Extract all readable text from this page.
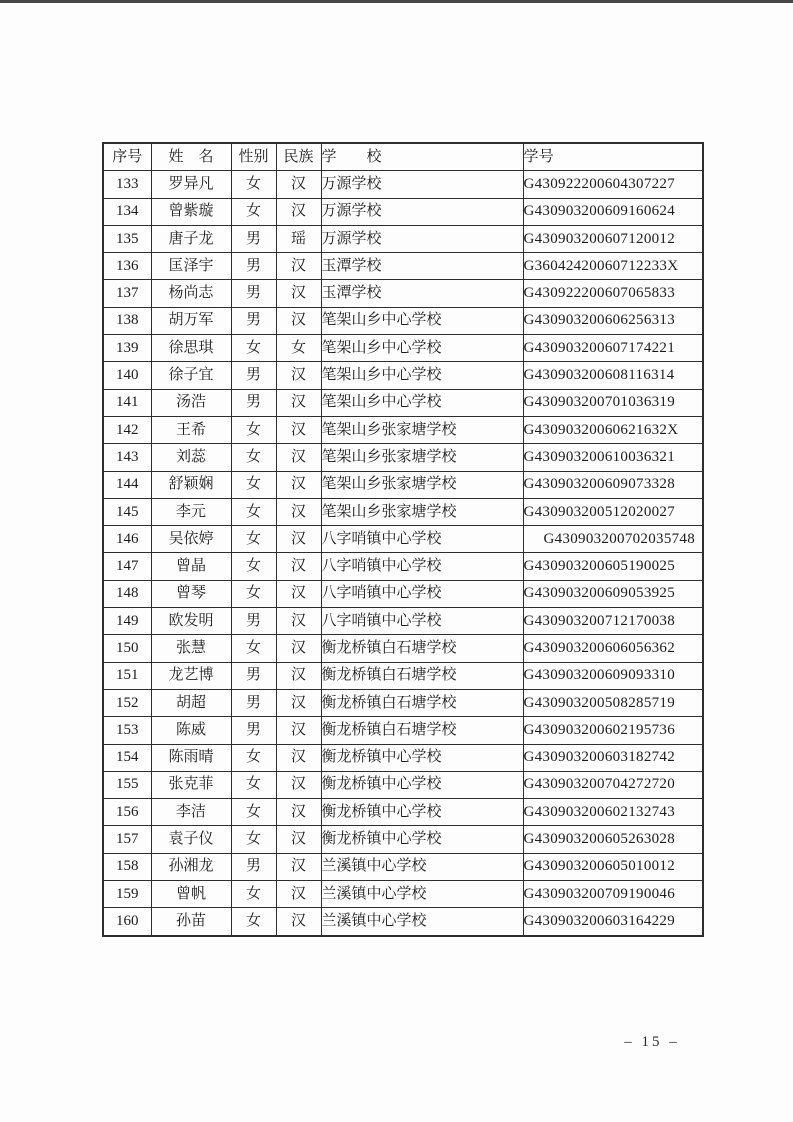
序号	姓　名	性别	民族	学　　校	学号
133	罗异凡	女	汉	万源学校	G430922200604307227
134	曾紫璇	女	汉	万源学校	G430903200609160624
135	唐子龙	男	瑶	万源学校	G430903200607120012
136	匡泽宇	男	汉	玉潭学校	G36042420060712233X
137	杨尚志	男	汉	玉潭学校	G430922200607065833
138	胡万军	男	汉	笔架山乡中心学校	G430903200606256313
139	徐思琪	女	女	笔架山乡中心学校	G430903200607174221
140	徐子宜	男	汉	笔架山乡中心学校	G430903200608116314
141	汤浩	男	汉	笔架山乡中心学校	G430903200701036319
142	王希	女	汉	笔架山乡张家塘学校	G43090320060621632X
143	刘蕊	女	汉	笔架山乡张家塘学校	G430903200610036321
144	舒颖娴	女	汉	笔架山乡张家塘学校	G430903200609073328
145	李元	女	汉	笔架山乡张家塘学校	G430903200512020027
146	吴依婷	女	汉	八字哨镇中心学校	G430903200702035748
147	曾晶	女	汉	八字哨镇中心学校	G430903200605190025
148	曾琴	女	汉	八字哨镇中心学校	G430903200609053925
149	欧发明	男	汉	八字哨镇中心学校	G430903200712170038
150	张慧	女	汉	衡龙桥镇白石塘学校	G430903200606056362
151	龙艺博	男	汉	衡龙桥镇白石塘学校	G430903200609093310
152	胡超	男	汉	衡龙桥镇白石塘学校	G430903200508285719
153	陈威	男	汉	衡龙桥镇白石塘学校	G430903200602195736
154	陈雨晴	女	汉	衡龙桥镇中心学校	G430903200603182742
155	张克菲	女	汉	衡龙桥镇中心学校	G430903200704272720
156	李洁	女	汉	衡龙桥镇中心学校	G430903200602132743
157	袁子仪	女	汉	衡龙桥镇中心学校	G430903200605263028
158	孙湘龙	男	汉	兰溪镇中心学校	G430903200605010012
159	曾帆	女	汉	兰溪镇中心学校	G430903200709190046
160	孙苗	女	汉	兰溪镇中心学校	G430903200603164229
– 15 –
